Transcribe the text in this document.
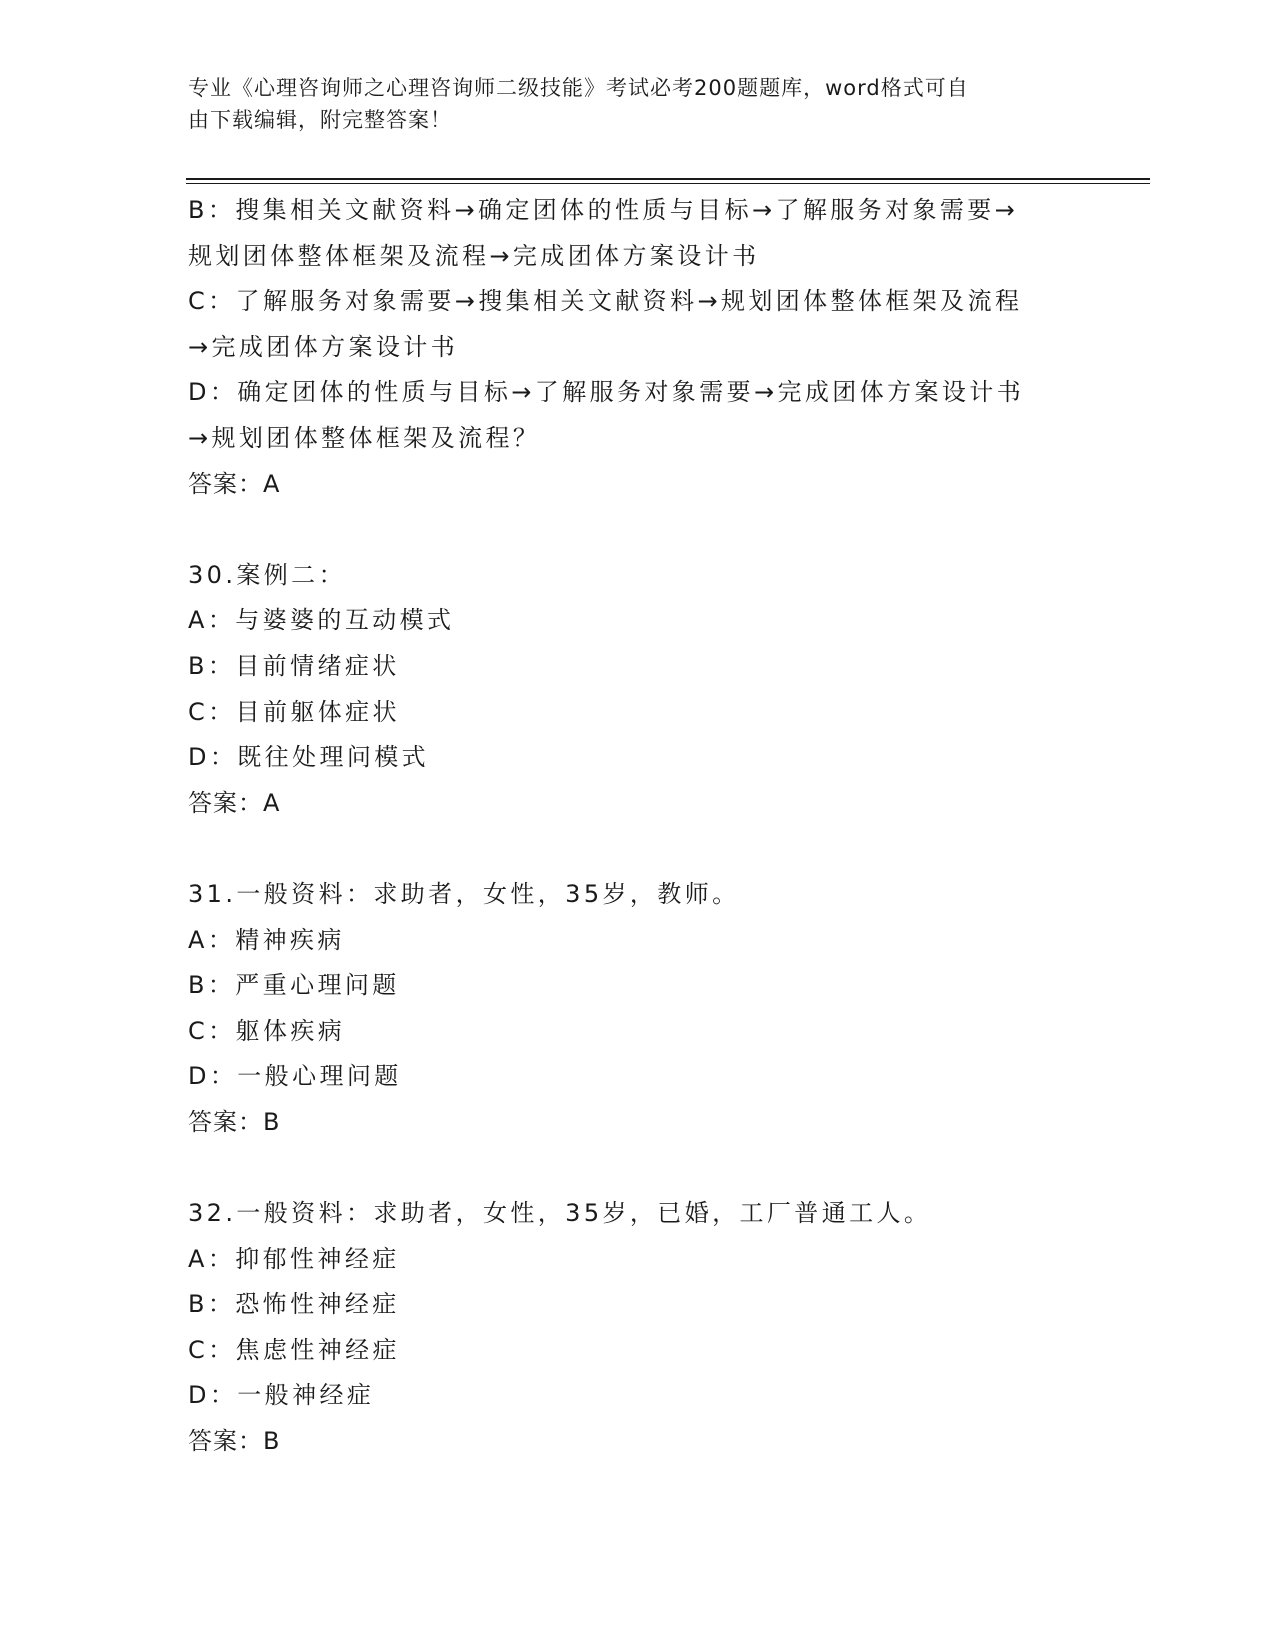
专业《心理咨询师之心理咨询师二级技能》考试必考200题题库，word格式可自
由下载编辑，附完整答案！
B：搜集相关文献资料→确定团体的性质与目标→了解服务对象需要→
规划团体整体框架及流程→完成团体方案设计书
C：了解服务对象需要→搜集相关文献资料→规划团体整体框架及流程
→完成团体方案设计书
D：确定团体的性质与目标→了解服务对象需要→完成团体方案设计书
→规划团体整体框架及流程？
答案：A
30.案例二：
A：与婆婆的互动模式
B：目前情绪症状
C：目前躯体症状
D：既往处理问模式
答案：A
31.一般资料：求助者，女性，35岁，教师。
A：精神疾病
B：严重心理问题
C：躯体疾病
D：一般心理问题
答案：B
32.一般资料：求助者，女性，35岁，已婚，工厂普通工人。
A：抑郁性神经症
B：恐怖性神经症
C：焦虑性神经症
D：一般神经症
答案：B
